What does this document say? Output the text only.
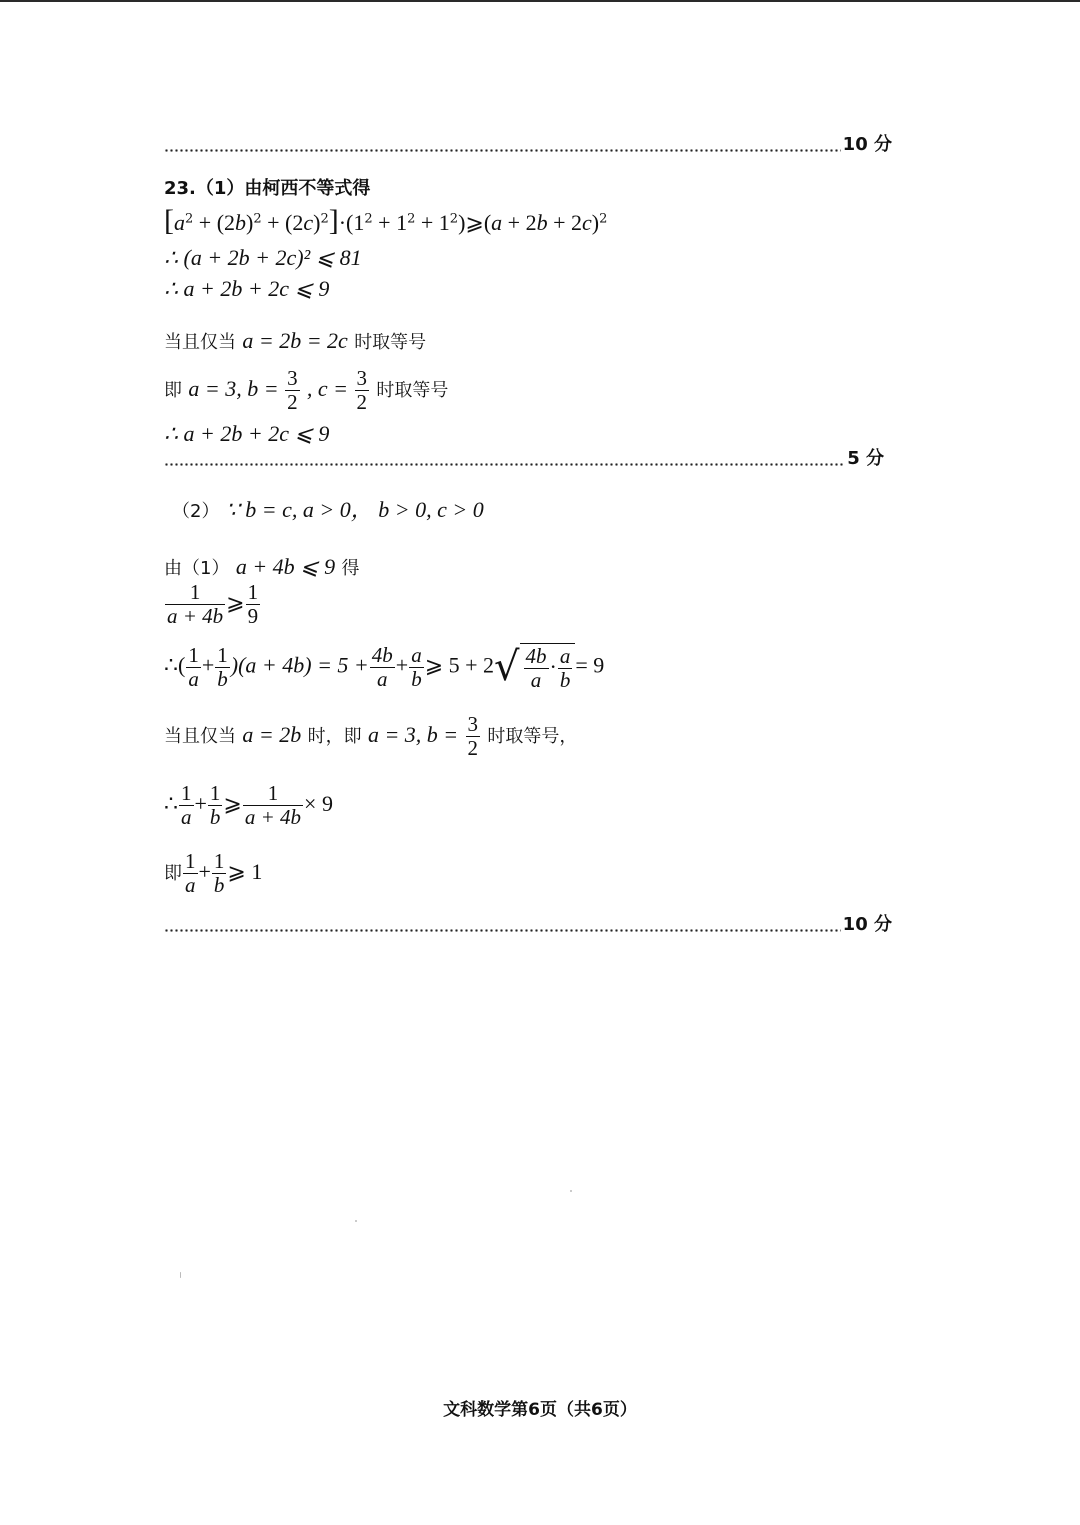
10 分
23.（1）由柯西不等式得
$[a^2 + (2b)^2 + (2c)^2]\cdot(1^2 + 1^2$ + $1^2)⩾(a + 2b + 2c)^2$
∴ (a + 2b + 2c)² ⩽ 81
∴ a + 2b + 2c ⩽ 9
当且仅当 a = 2b = 2c 时取等号
即 a = 3, $b = \frac{3}{2}$ , $c = \frac{3}{2}$ 时取等号
∴ a + 2b + 2c ⩽ 9
5 分
（2） ∵ b = c, a > 0， b > 0, c > 0
由（1） a + 4b ⩽ 9 得
$\frac{1}{a + 4b}$ ⩾ $\frac{1}{9}$
∴( $\frac{1}{a} + \frac{1}{b} )(a + 4b) = 5 + \frac{4b}{a} + \frac{a}{b}$ ⩾ $5 + 2√ \frac{4b}{a} \cdot \frac{a}{b} = 9$
当且仅当 a = 2b 时，即 a = 3, $b = \frac{3}{2}$ 时取等号，
∴ $\frac{1}{a} + \frac{1}{b}$ ⩾ $\frac{1}{a + 4b} \times 9$
即 $\frac{1}{a} + \frac{1}{b}$ ⩾ 1
10 分
文科数学第6页（共6页）
